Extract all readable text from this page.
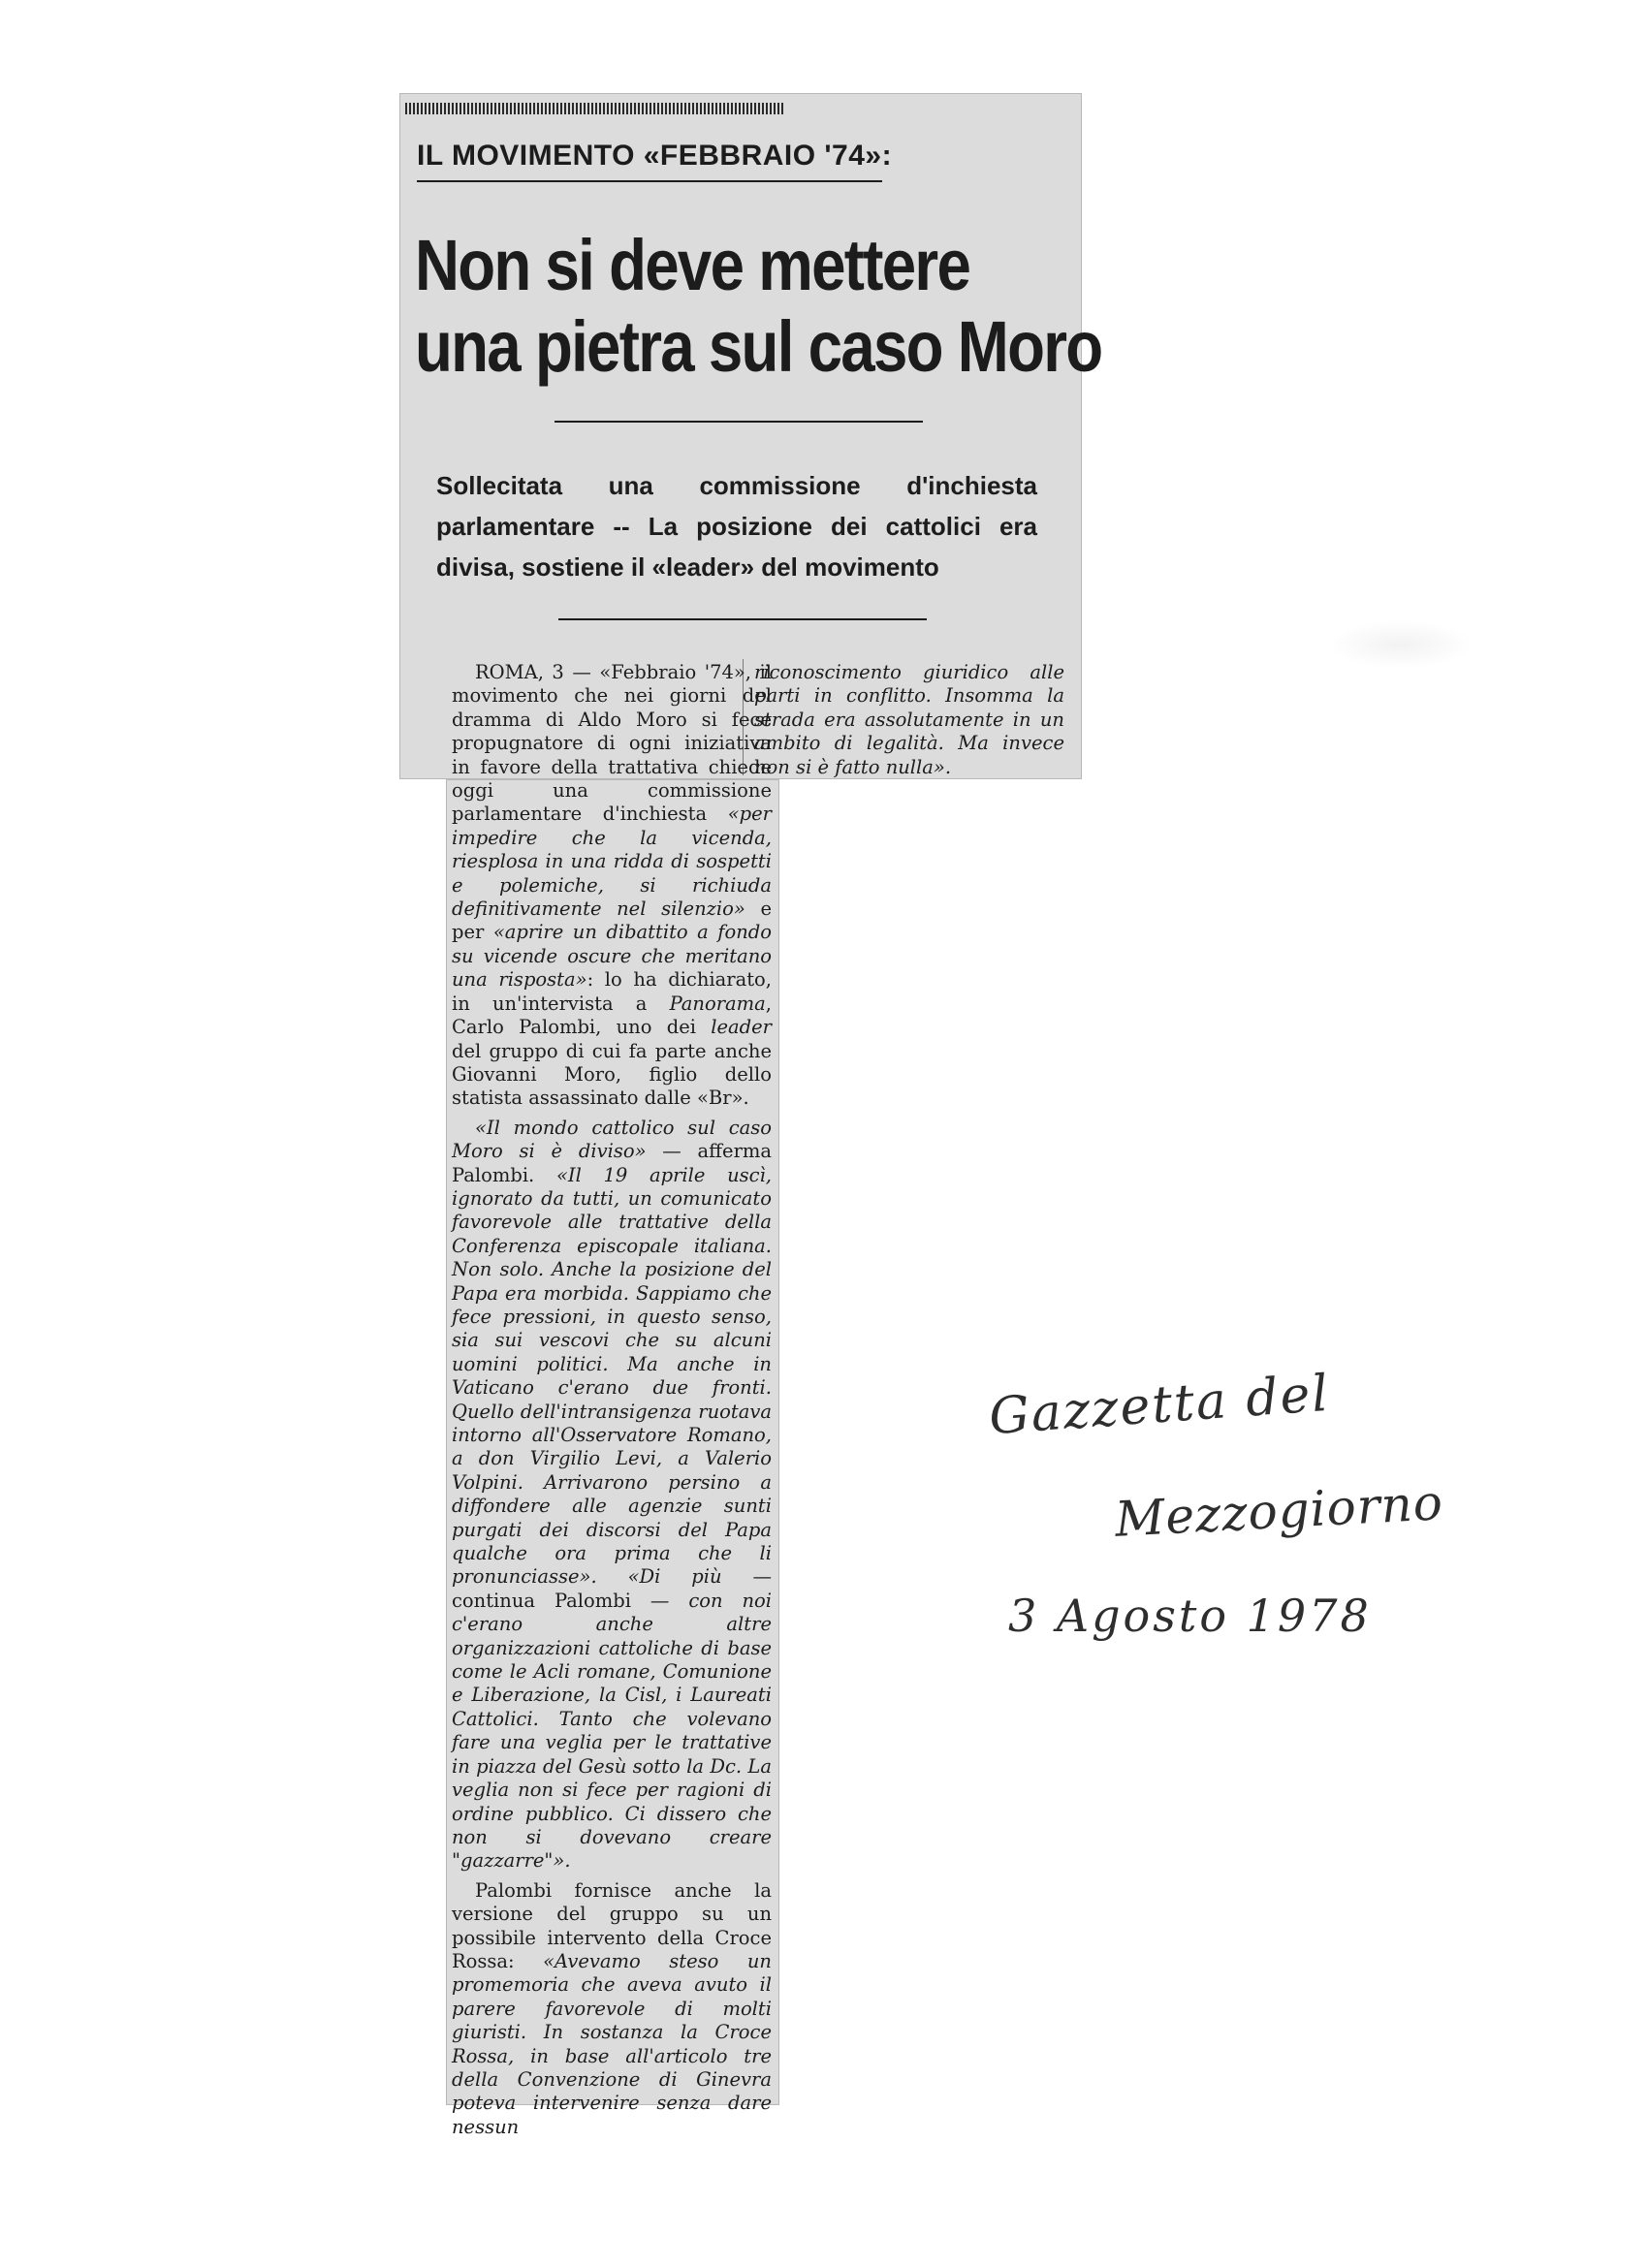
IL MOVIMENTO «FEBBRAIO '74»:
Non si deve mettere
una pietra sul caso Moro

Sollecitata una commissione d'inchiesta parlamentare -- La posizione dei cattolici era divisa, sostiene il «leader» del movimento

ROMA, 3 — «Febbraio '74», il movimento che nei giorni del dramma di Aldo Moro si fece propugnatore di ogni iniziativa in favore della trattativa chiede oggi una commissione parlamentare d'inchiesta «per impedire che la vicenda, riesplosa in una ridda di sospetti e polemiche, si richiuda definitivamente nel silenzio» e per «aprire un dibattito a fondo su vicende oscure che meritano una risposta»: lo ha dichiarato, in un'intervista a Panorama, Carlo Palombi, uno dei leader del gruppo di cui fa parte anche Giovanni Moro, figlio dello statista assassinato dalle «Br».

«Il mondo cattolico sul caso Moro si è diviso» — afferma Palombi. «Il 19 aprile uscì, ignorato da tutti, un comunicato favorevole alle trattative della Conferenza episcopale italiana. Non solo. Anche la posizione del Papa era morbida. Sappiamo che fece pressioni, in questo senso, sia sui vescovi che su alcuni uomini politici. Ma anche in Vaticano c'erano due fronti. Quello dell'intransigenza ruotava intorno all'Osservatore Romano, a don Virgilio Levi, a Valerio Volpini. Arrivarono persino a diffondere alle agenzie sunti purgati dei discorsi del Papa qualche ora prima che li pronunciasse». «Di più — continua Palombi — con noi c'erano anche altre organizzazioni cattoliche di base come le Acli romane, Comunione e Liberazione, la Cisl, i Laureati Cattolici. Tanto che volevano fare una veglia per le trattative in piazza del Gesù sotto la Dc. La veglia non si fece per ragioni di ordine pubblico. Ci dissero che non si dovevano creare "gazzarre"».

Palombi fornisce anche la versione del gruppo su un possibile intervento della Croce Rossa: «Avevamo steso un promemoria che aveva avuto il parere favorevole di molti giuristi. In sostanza la Croce Rossa, in base all'articolo tre della Convenzione di Ginevra poteva intervenire senza dare nessun

riconoscimento giuridico alle parti in conflitto. Insomma la strada era assolutamente in un ambito di legalità. Ma invece non si è fatto nulla».

Gazzetta del

Mezzogiorno

3 Agosto 1978
